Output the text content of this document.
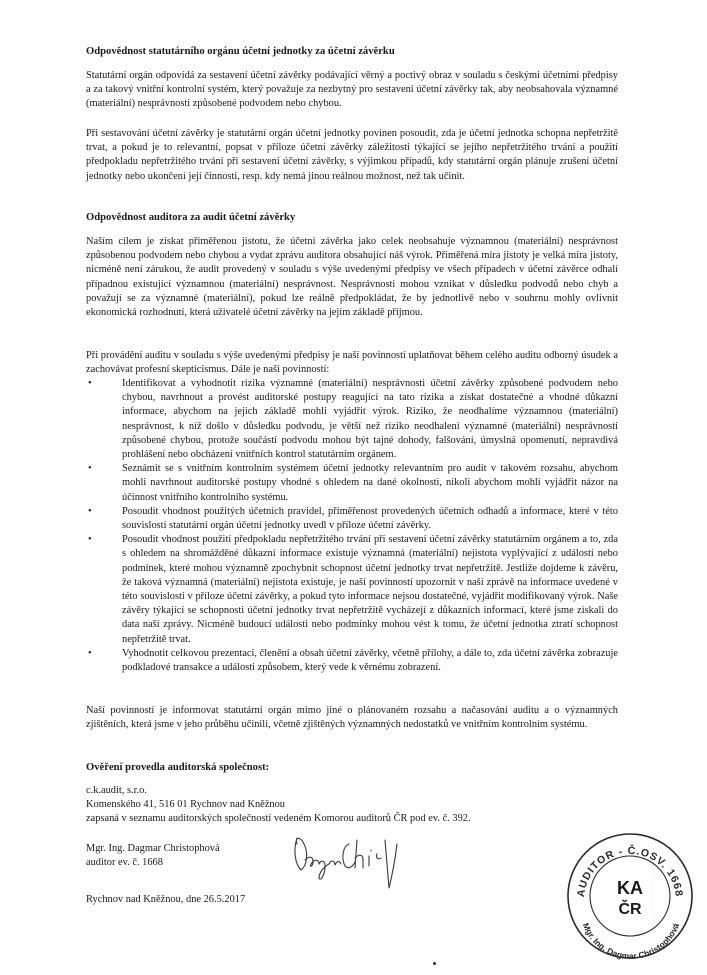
Odpovědnost statutárního orgánu účetní jednotky za účetní závěrku

Statutární orgán odpovídá za sestavení účetní závěrky podávající věrný a poctivý obraz v souladu s českými účetními předpisy a za takový vnitřní kontrolní systém, který považuje za nezbytný pro sestavení účetní závěrky tak, aby neobsahovala významné (materiální) nesprávnosti způsobené podvodem nebo chybou.

Při sestavování účetní závěrky je statutární orgán účetní jednotky povinen posoudit, zda je účetní jednotka schopna nepřetržitě trvat, a pokud je to relevantní, popsat v příloze účetní závěrky záležitosti týkající se jejího nepřetržitého trvání a použití předpokladu nepřetržitého trvání při sestavení účetní závěrky, s výjimkou případů, kdy statutární orgán plánuje zrušení účetní jednotky nebo ukončení její činnosti, resp. kdy nemá jinou reálnou možnost, než tak učinit.

Odpovědnost auditora za audit účetní závěrky

Naším cílem je získat přiměřenou jistotu, že účetní závěrka jako celek neobsahuje významnou (materiální) nesprávnost způsobenou podvodem nebo chybou a vydat zprávu auditora obsahující náš výrok. Přiměřená míra jistoty je velká míra jistoty, nicméně není zárukou, že audit provedený v souladu s výše uvedenými předpisy ve všech případech v účetní závěrce odhalí případnou existující významnou (materiální) nesprávnost. Nesprávnosti mohou vznikat v důsledku podvodů nebo chyb a považují se za významné (materiální), pokud lze reálně předpokládat, že by jednotlivě nebo v souhrnu mohly ovlivnit ekonomická rozhodnutí, která uživatelé účetní závěrky na jejím základě přijmou.

Při provádění auditu v souladu s výše uvedenými předpisy je naší povinností uplatňovat během celého auditu odborný úsudek a zachovávat profesní skepticismus. Dále je naší povinností:

• Identifikovat a vyhodnotit rizika významné (materiální) nesprávnosti účetní závěrky způsobené podvodem nebo chybou, navrhnout a provést auditorské postupy reagující na tato rizika a získat dostatečné a vhodné důkazní informace, abychom na jejich základě mohli vyjádřit výrok. Riziko, že neodhalíme významnou (materiální) nesprávnost, k níž došlo v důsledku podvodu, je větší než riziko neodhalení významné (materiální) nesprávnosti způsobené chybou, protože součástí podvodu mohou být tajné dohody, falšování, úmyslná opomenutí, nepravdivá prohlášení nebo obcházení vnitřních kontrol statutárním orgánem.
• Seznámit se s vnitřním kontrolním systémem účetní jednotky relevantním pro audit v takovém rozsahu, abychom mohli navrhnout auditorské postupy vhodné s ohledem na dané okolnosti, nikoli abychom mohli vyjádřit názor na účinnost vnitřního kontrolního systému.
• Posoudit vhodnost použitých účetních pravidel, přiměřenost provedených účetních odhadů a informace, které v této souvislosti statutární orgán účetní jednotky uvedl v příloze účetní závěrky.
• Posoudit vhodnost použití předpokladu nepřetržitého trvání při sestavení účetní závěrky statutárním orgánem a to, zda s ohledem na shromážděné důkazní informace existuje významná (materiální) nejistota vyplývající z událostí nebo podmínek, které mohou významně zpochybnit schopnost účetní jednotky trvat nepřetržitě. Jestliže dojdeme k závěru, že taková významná (materiální) nejistota existuje, je naší povinností upozornit v naší zprávě na informace uvedené v této souvislosti v příloze účetní závěrky, a pokud tyto informace nejsou dostatečné, vyjádřit modifikovaný výrok. Naše závěry týkající se schopnosti účetní jednotky trvat nepřetržitě vycházejí z důkazních informací, které jsme získali do data naší zprávy. Nicméně budoucí události nebo podmínky mohou vést k tomu, že účetní jednotka ztratí schopnost nepřetržitě trvat.
• Vyhodnotit celkovou prezentaci, členění a obsah účetní závěrky, včetně přílohy, a dále to, zda účetní závěrka zobrazuje podkladové transakce a události způsobem, který vede k věrnému zobrazení.

Naší povinností je informovat statutární orgán mimo jiné o plánovaném rozsahu a načasování auditu a o významných zjištěních, která jsme v jeho průběhu učinili, včetně zjištěných významných nedostatků ve vnitřním kontrolním systému.

Ověření provedla auditorská společnost:

c.k.audit, s.r.o.

Komenského 41, 516 01 Rychnov nad Kněžnou

zapsaná v seznamu auditorských společností vedeném Komorou auditorů ČR pod ev. č. 392.

Mgr. Ing. Dagmar Christophová

auditor ev. č. 1668

Rychnov nad Kněžnou, dne 26.5.2017

AUDITOR - Č.OSV. 1668
Mgr. Ing. Dagmar Christophová
KA
ČR
